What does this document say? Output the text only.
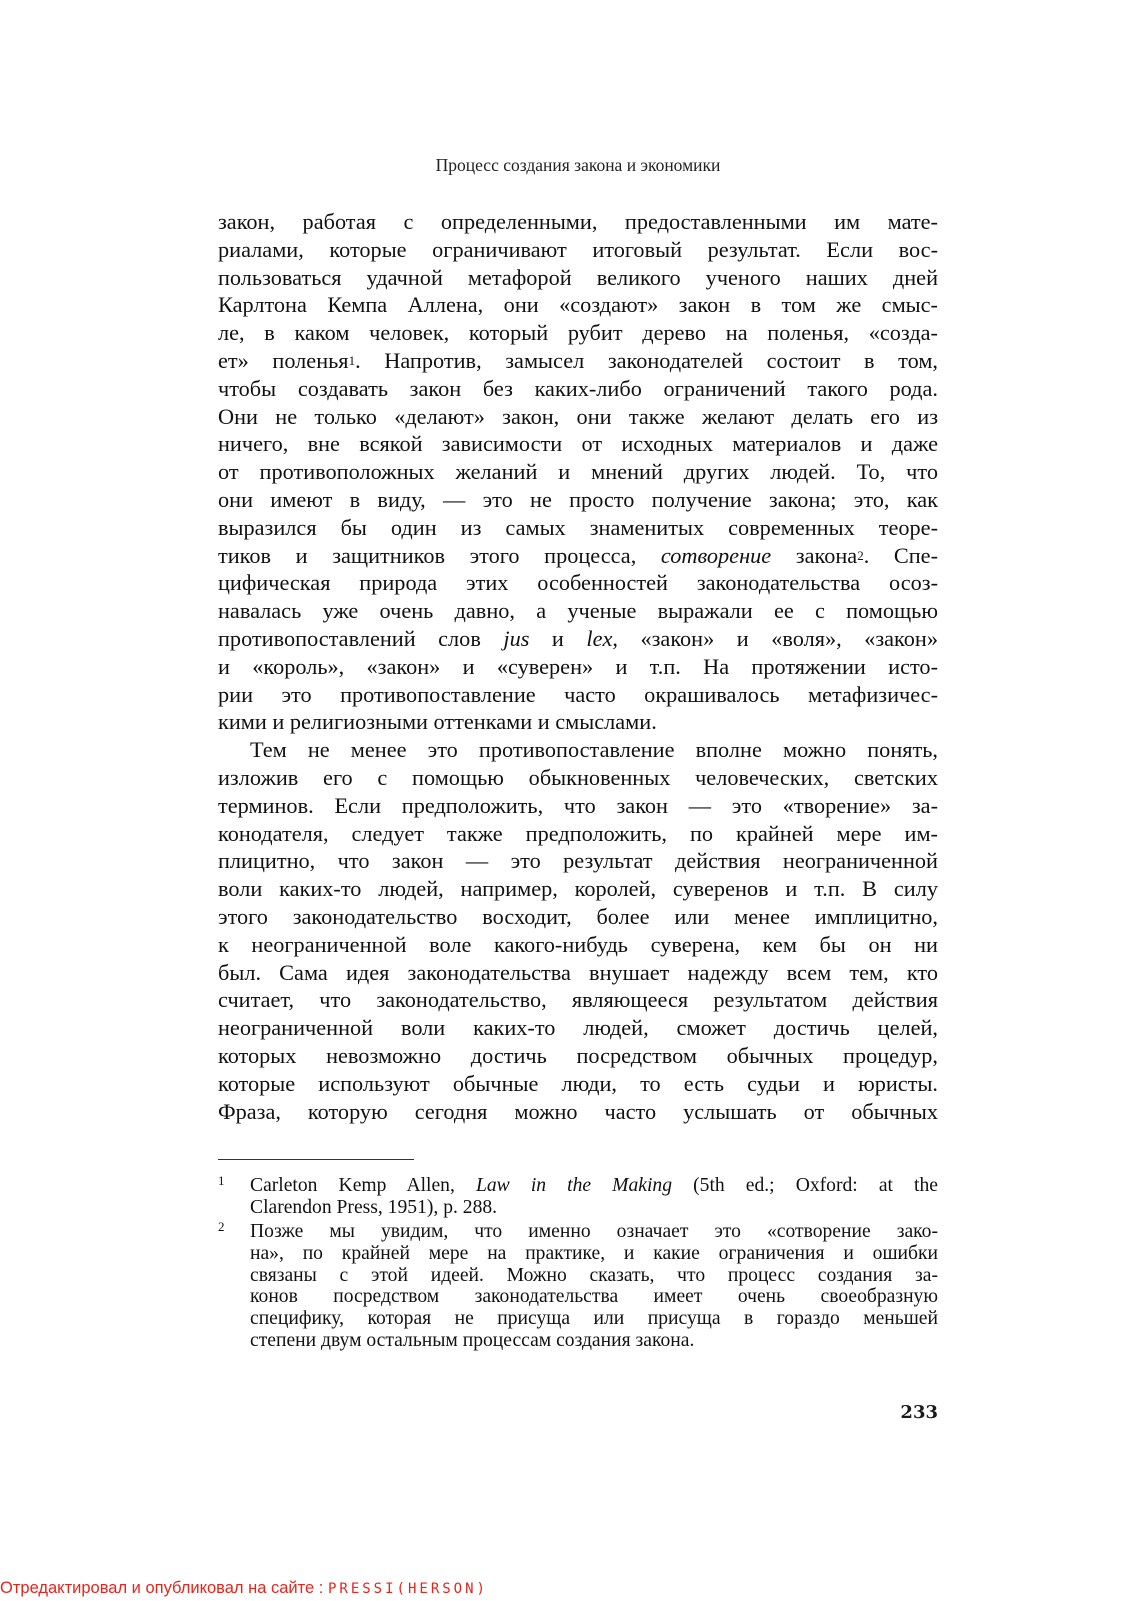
Процесс создания закона и экономики
закон, работая с определенными, предоставленными им мате-
риалами, которые ограничивают итоговый результат. Если вос-
пользоваться удачной метафорой великого ученого наших дней
Карлтона Кемпа Аллена, они «создают» закон в том же смыс-
ле, в каком человек, который рубит дерево на поленья, «созда-
ет» поленья$^1$. Напротив, замысел законодателей состоит в том,
чтобы создавать закон без каких-либо ограничений такого рода.
Они не только «делают» закон, они также желают делать его из
ничего, вне всякой зависимости от исходных материалов и даже
от противоположных желаний и мнений других людей. То, что
они имеют в виду, — это не просто получение закона; это, как
выразился бы один из самых знаменитых современных теоре-
тиков и защитников этого процесса, сотворение закона$^2$. Спе-
цифическая природа этих особенностей законодательства осоз-
навалась уже очень давно, а ученые выражали ее с помощью
противопоставлений слов jus и lex, «закон» и «воля», «закон»
и «король», «закон» и «суверен» и т.п. На протяжении исто-
рии это противопоставление часто окрашивалось метафизичес-
кими и религиозными оттенками и смыслами.
Тем не менее это противопоставление вполне можно понять,
изложив его с помощью обыкновенных человеческих, светских
терминов. Если предположить, что закон — это «творение» за-
конодателя, следует также предположить, по крайней мере им-
плицитно, что закон — это результат действия неограниченной
воли каких-то людей, например, королей, суверенов и т.п. В силу
этого законодательство восходит, более или менее имплицитно,
к неограниченной воле какого-нибудь суверена, кем бы он ни
был. Сама идея законодательства внушает надежду всем тем, кто
считает, что законодательство, являющееся результатом действия
неограниченной воли каких-то людей, сможет достичь целей,
которых невозможно достичь посредством обычных процедур,
которые используют обычные люди, то есть судьи и юристы.
Фраза, которую сегодня можно часто услышать от обычных
1 Carleton Kemp Allen, Law in the Making (5th ed.; Oxford: at the
Clarendon Press, 1951), p. 288.
2 Позже мы увидим, что именно означает это «сотворение зако-
на», по крайней мере на практике, и какие ограничения и ошибки
связаны с этой идеей. Можно сказать, что процесс создания за-
конов посредством законодательства имеет очень своеобразную
специфику, которая не присуща или присуща в гораздо меньшей
степени двум остальным процессам создания закона.
233
Отредактировал и опубликовал на сайте : PRESSI(HERSON)
